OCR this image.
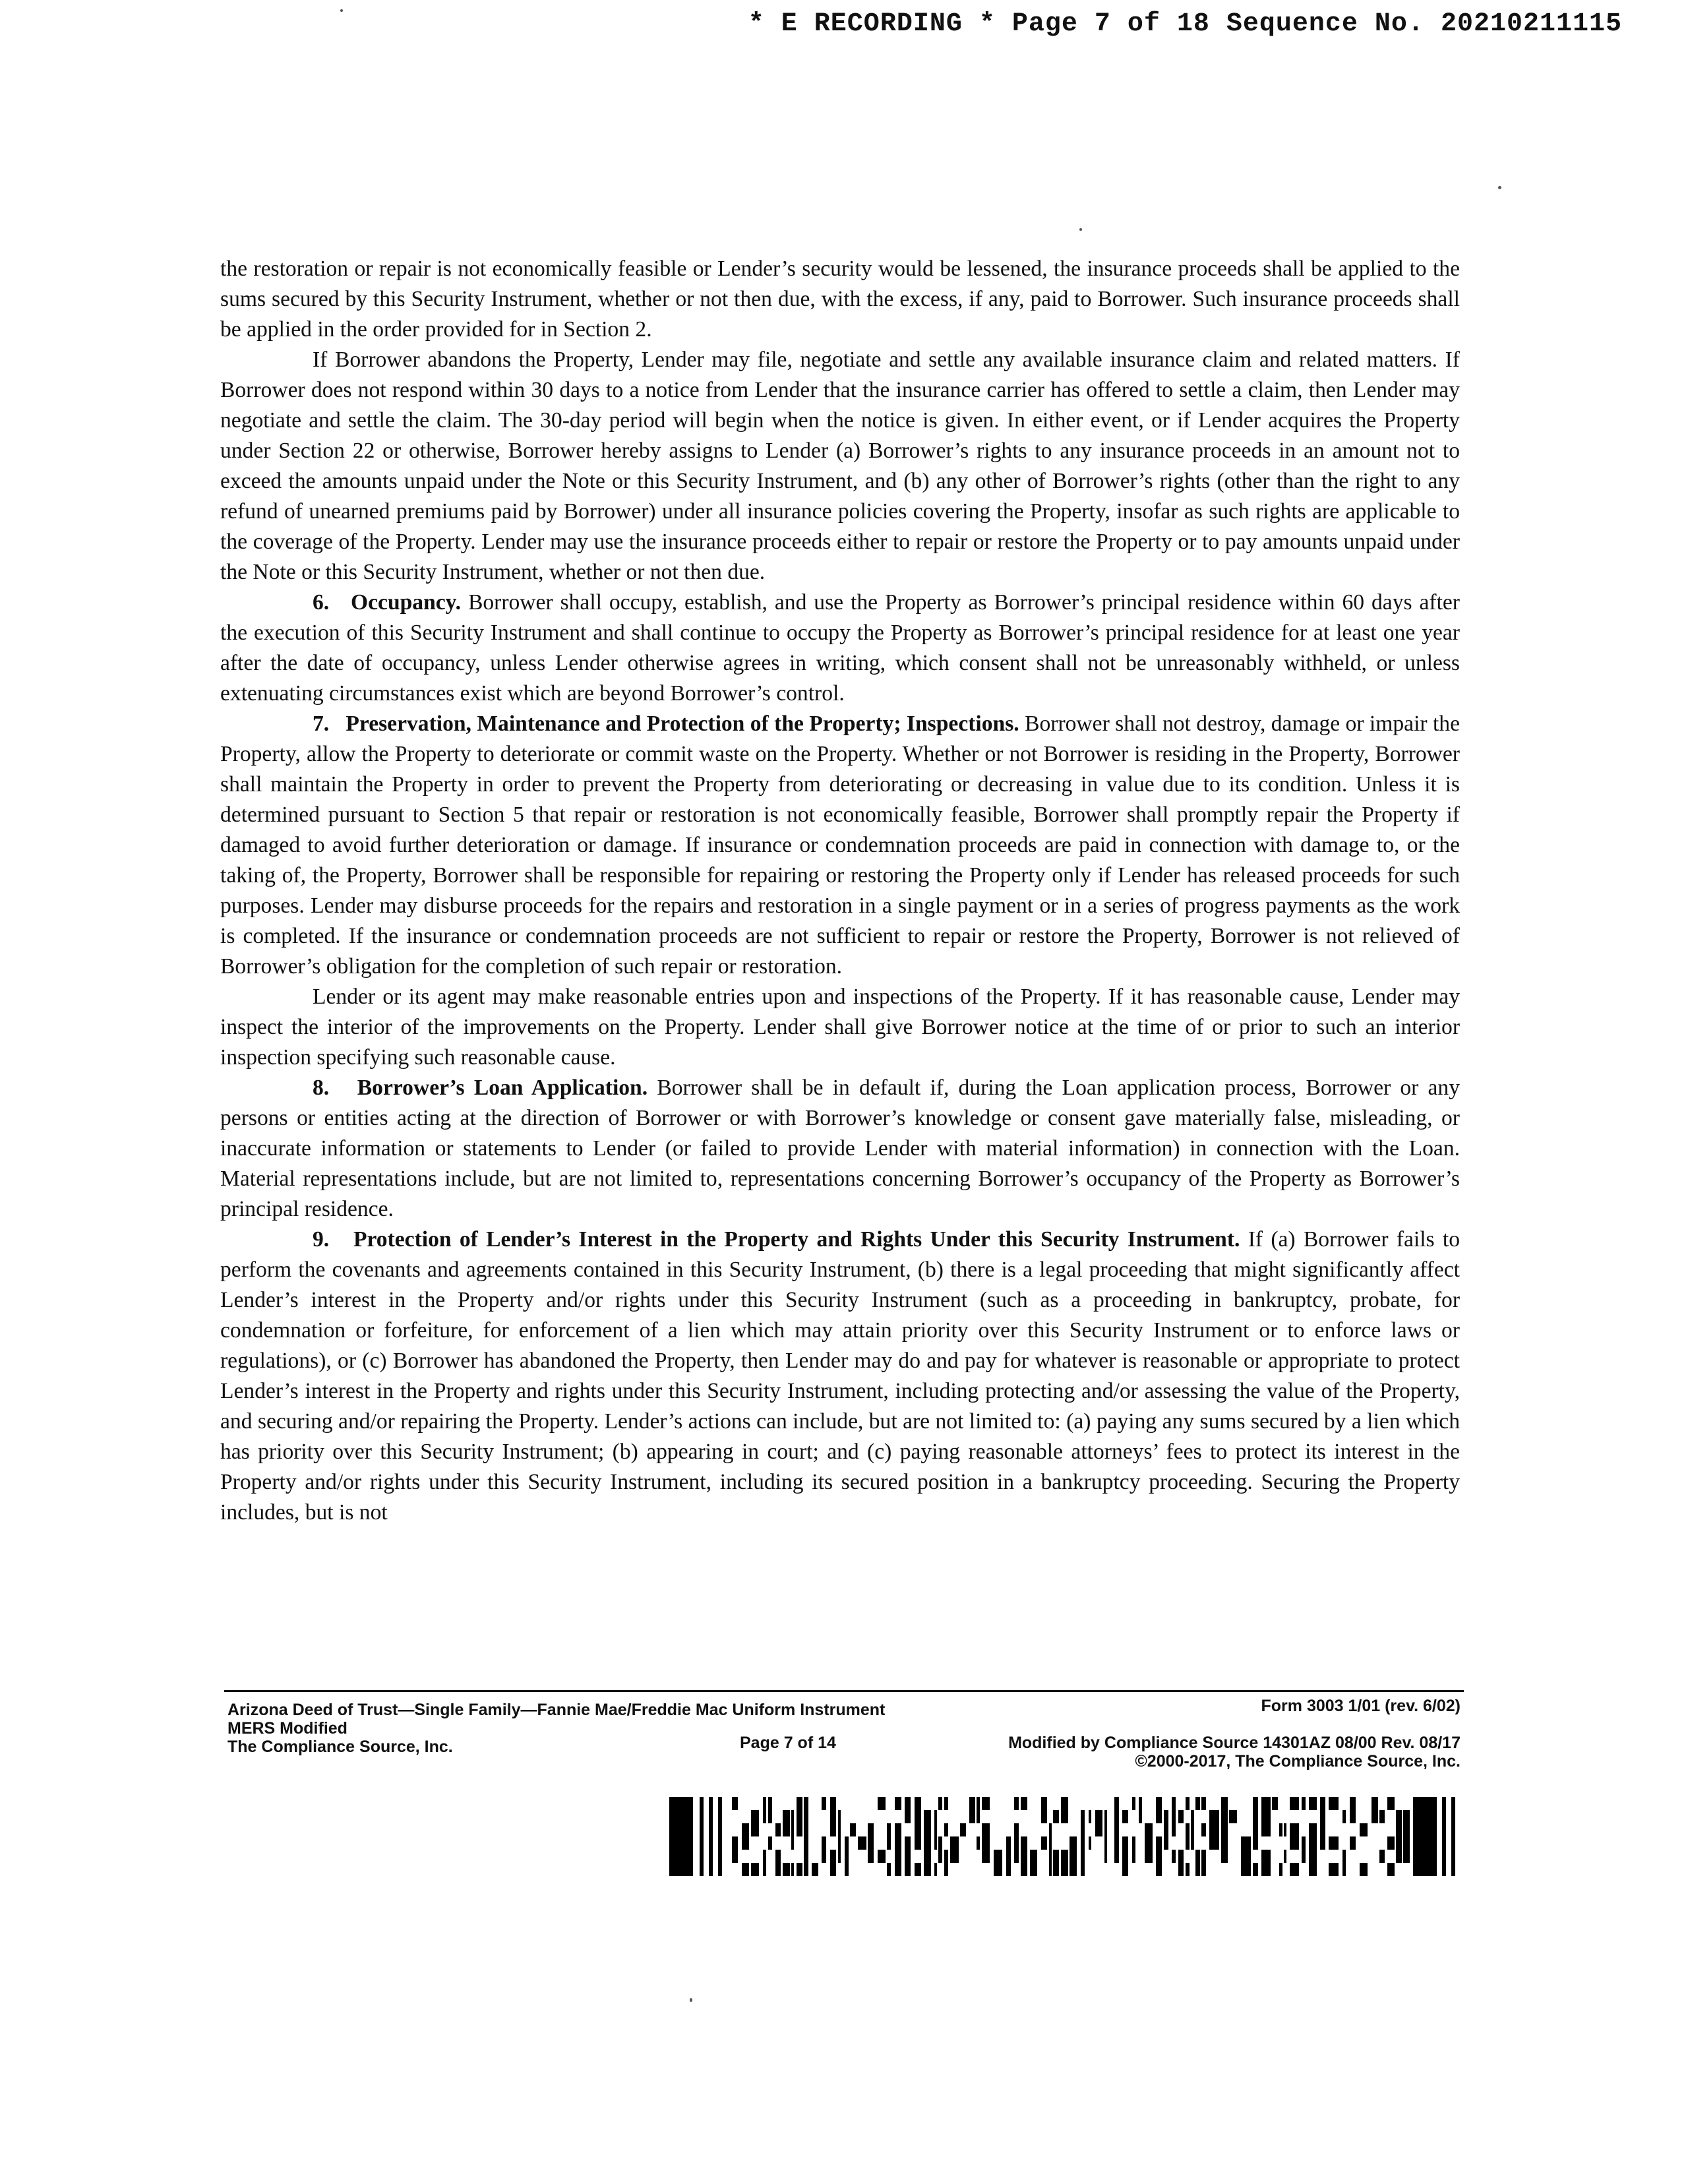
* E RECORDING * Page 7 of 18 Sequence No. 20210211115

the restoration or repair is not economically feasible or Lender’s security would be lessened, the insurance proceeds shall be applied to the sums secured by this Security Instrument, whether or not then due, with the excess, if any, paid to Borrower. Such insurance proceeds shall be applied in the order provided for in Section 2.

If Borrower abandons the Property, Lender may file, negotiate and settle any available insurance claim and related matters. If Borrower does not respond within 30 days to a notice from Lender that the insurance carrier has offered to settle a claim, then Lender may negotiate and settle the claim. The 30-day period will begin when the notice is given. In either event, or if Lender acquires the Property under Section 22 or otherwise, Borrower hereby assigns to Lender (a) Borrower’s rights to any insurance proceeds in an amount not to exceed the amounts unpaid under the Note or this Security Instrument, and (b) any other of Borrower’s rights (other than the right to any refund of unearned premiums paid by Borrower) under all insurance policies covering the Property, insofar as such rights are applicable to the coverage of the Property. Lender may use the insurance proceeds either to repair or restore the Property or to pay amounts unpaid under the Note or this Security Instrument, whether or not then due.

6. Occupancy. Borrower shall occupy, establish, and use the Property as Borrower’s principal residence within 60 days after the execution of this Security Instrument and shall continue to occupy the Property as Borrower’s principal residence for at least one year after the date of occupancy, unless Lender otherwise agrees in writing, which consent shall not be unreasonably withheld, or unless extenuating circumstances exist which are beyond Borrower’s control.

7. Preservation, Maintenance and Protection of the Property; Inspections. Borrower shall not destroy, damage or impair the Property, allow the Property to deteriorate or commit waste on the Property. Whether or not Borrower is residing in the Property, Borrower shall maintain the Property in order to prevent the Property from deteriorating or decreasing in value due to its condition. Unless it is determined pursuant to Section 5 that repair or restoration is not economically feasible, Borrower shall promptly repair the Property if damaged to avoid further deterioration or damage. If insurance or condemnation proceeds are paid in connection with damage to, or the taking of, the Property, Borrower shall be responsible for repairing or restoring the Property only if Lender has released proceeds for such purposes. Lender may disburse proceeds for the repairs and restoration in a single payment or in a series of progress payments as the work is completed. If the insurance or condemnation proceeds are not sufficient to repair or restore the Property, Borrower is not relieved of Borrower’s obligation for the completion of such repair or restoration.

Lender or its agent may make reasonable entries upon and inspections of the Property. If it has reasonable cause, Lender may inspect the interior of the improvements on the Property. Lender shall give Borrower notice at the time of or prior to such an interior inspection specifying such reasonable cause.

8. Borrower’s Loan Application. Borrower shall be in default if, during the Loan application process, Borrower or any persons or entities acting at the direction of Borrower or with Borrower’s knowledge or consent gave materially false, misleading, or inaccurate information or statements to Lender (or failed to provide Lender with material information) in connection with the Loan. Material representations include, but are not limited to, representations concerning Borrower’s occupancy of the Property as Borrower’s principal residence.

9. Protection of Lender’s Interest in the Property and Rights Under this Security Instrument. If (a) Borrower fails to perform the covenants and agreements contained in this Security Instrument, (b) there is a legal proceeding that might significantly affect Lender’s interest in the Property and/or rights under this Security Instrument (such as a proceeding in bankruptcy, probate, for condemnation or forfeiture, for enforcement of a lien which may attain priority over this Security Instrument or to enforce laws or regulations), or (c) Borrower has abandoned the Property, then Lender may do and pay for whatever is reasonable or appropriate to protect Lender’s interest in the Property and rights under this Security Instrument, including protecting and/or assessing the value of the Property, and securing and/or repairing the Property. Lender’s actions can include, but are not limited to: (a) paying any sums secured by a lien which has priority over this Security Instrument; (b) appearing in court; and (c) paying reasonable attorneys’ fees to protect its interest in the Property and/or rights under this Security Instrument, including its secured position in a bankruptcy proceeding. Securing the Property includes, but is not

Arizona Deed of Trust—Single Family—Fannie Mae/Freddie Mac Uniform Instrument	Form 3003 1/01 (rev. 6/02)
MERS Modified
The Compliance Source, Inc.	Page 7 of 14	Modified by Compliance Source 14301AZ 08/00 Rev. 08/17
©2000-2017, The Compliance Source, Inc.
